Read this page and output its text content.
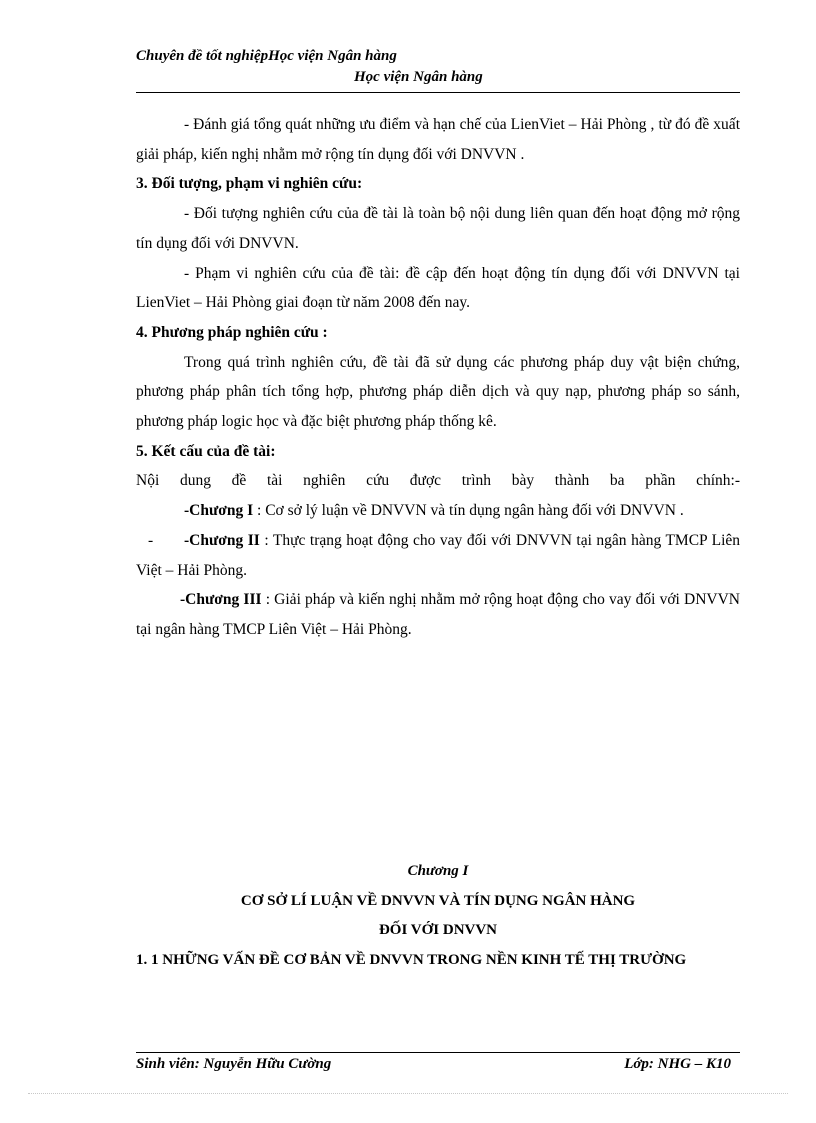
Chuyên đề tốt nghiệpHọc viện Ngân hàng
Học viện Ngân hàng

- Đánh giá tổng quát những ưu điểm và hạn chế của LienViet – Hải Phòng , từ đó đề xuất giải pháp, kiến nghị nhằm mở rộng tín dụng đối với DNVVN .

3. Đối tượng, phạm vi nghiên cứu:

- Đối tượng nghiên cứu của đề tài là toàn bộ nội dung liên quan đến hoạt động mở rộng tín dụng đối với DNVVN.

- Phạm vi nghiên cứu của đề tài: đề cập đến hoạt động tín dụng đối với DNVVN tại LienViet – Hải Phòng giai đoạn từ năm 2008 đến nay.

4. Phương pháp nghiên cứu :

Trong quá trình nghiên cứu, đề tài đã sử dụng các phương pháp duy vật biện chứng, phương pháp phân tích tổng hợp, phương pháp diễn dịch và quy nạp, phương pháp so sánh, phương pháp logic học và đặc biệt phương pháp thống kê.

5. Kết cấu của đề tài:

Nội dung đề tài nghiên cứu được trình bày thành ba phần chính:-

-Chương I : Cơ sở lý luận về DNVVN và tín dụng ngân hàng đối với DNVVN .

- -Chương II : Thực trạng hoạt động cho vay đối với DNVVN tại ngân hàng TMCP Liên Việt – Hải Phòng.

-Chương III : Giải pháp và kiến nghị nhằm mở rộng hoạt động cho vay đối với DNVVN tại ngân hàng TMCP Liên Việt – Hải Phòng.

Chương I

CƠ SỞ LÍ LUẬN VỀ DNVVN VÀ TÍN DỤNG NGÂN HÀNG

ĐỐI VỚI DNVVN

1. 1 NHỮNG VẤN ĐỀ CƠ BẢN VỀ DNVVN TRONG NỀN KINH TẾ THỊ TRƯỜNG

Sinh viên: Nguyễn Hữu Cường	Lớp: NHG – K10
